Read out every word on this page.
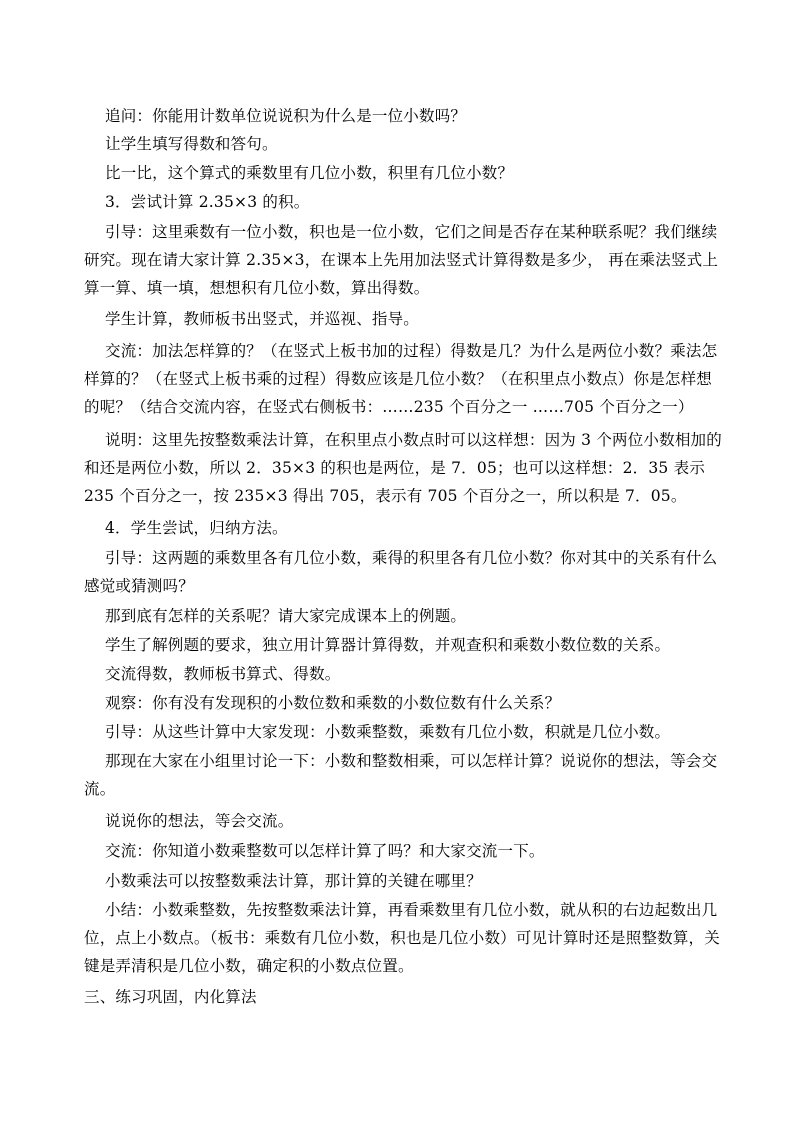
追问：你能用计数单位说说积为什么是一位小数吗？
让学生填写得数和答句。
比一比，这个算式的乘数里有几位小数，积里有几位小数？
3．尝试计算 2.35×3 的积。
引导：这里乘数有一位小数，积也是一位小数，它们之间是否存在某种联系呢？我们继续研究。现在请大家计算 2.35×3，在课本上先用加法竖式计算得数是多少， 再在乘法竖式上算一算、填一填，想想积有几位小数，算出得数。
学生计算，教师板书出竖式，并巡视、指导。
交流：加法怎样算的？（在竖式上板书加的过程）得数是几？为什么是两位小数？乘法怎样算的？（在竖式上板书乘的过程）得数应该是几位小数？（在积里点小数点）你是怎样想的呢？（结合交流内容，在竖式右侧板书：……235 个百分之一 ……705 个百分之一）
说明：这里先按整数乘法计算，在积里点小数点时可以这样想：因为 3 个两位小数相加的和还是两位小数，所以 2．35×3 的积也是两位，是 7．05；也可以这样想：2．35 表示 235 个百分之一，按 235×3 得出 705，表示有 705 个百分之一，所以积是 7．05。
4．学生尝试，归纳方法。
引导：这两题的乘数里各有几位小数，乘得的积里各有几位小数？你对其中的关系有什么感觉或猜测吗？
那到底有怎样的关系呢？请大家完成课本上的例题。
学生了解例题的要求，独立用计算器计算得数，并观查积和乘数小数位数的关系。
交流得数，教师板书算式、得数。
观察：你有没有发现积的小数位数和乘数的小数位数有什么关系？
引导：从这些计算中大家发现：小数乘整数，乘数有几位小数，积就是几位小数。
那现在大家在小组里讨论一下：小数和整数相乘，可以怎样计算？说说你的想法，等会交流。
说说你的想法，等会交流。
交流：你知道小数乘整数可以怎样计算了吗？和大家交流一下。
小数乘法可以按整数乘法计算，那计算的关键在哪里？
小结：小数乘整数，先按整数乘法计算，再看乘数里有几位小数，就从积的右边起数出几位，点上小数点。（板书：乘数有几位小数，积也是几位小数）可见计算时还是照整数算，关键是弄清积是几位小数，确定积的小数点位置。
三、练习巩固，内化算法
